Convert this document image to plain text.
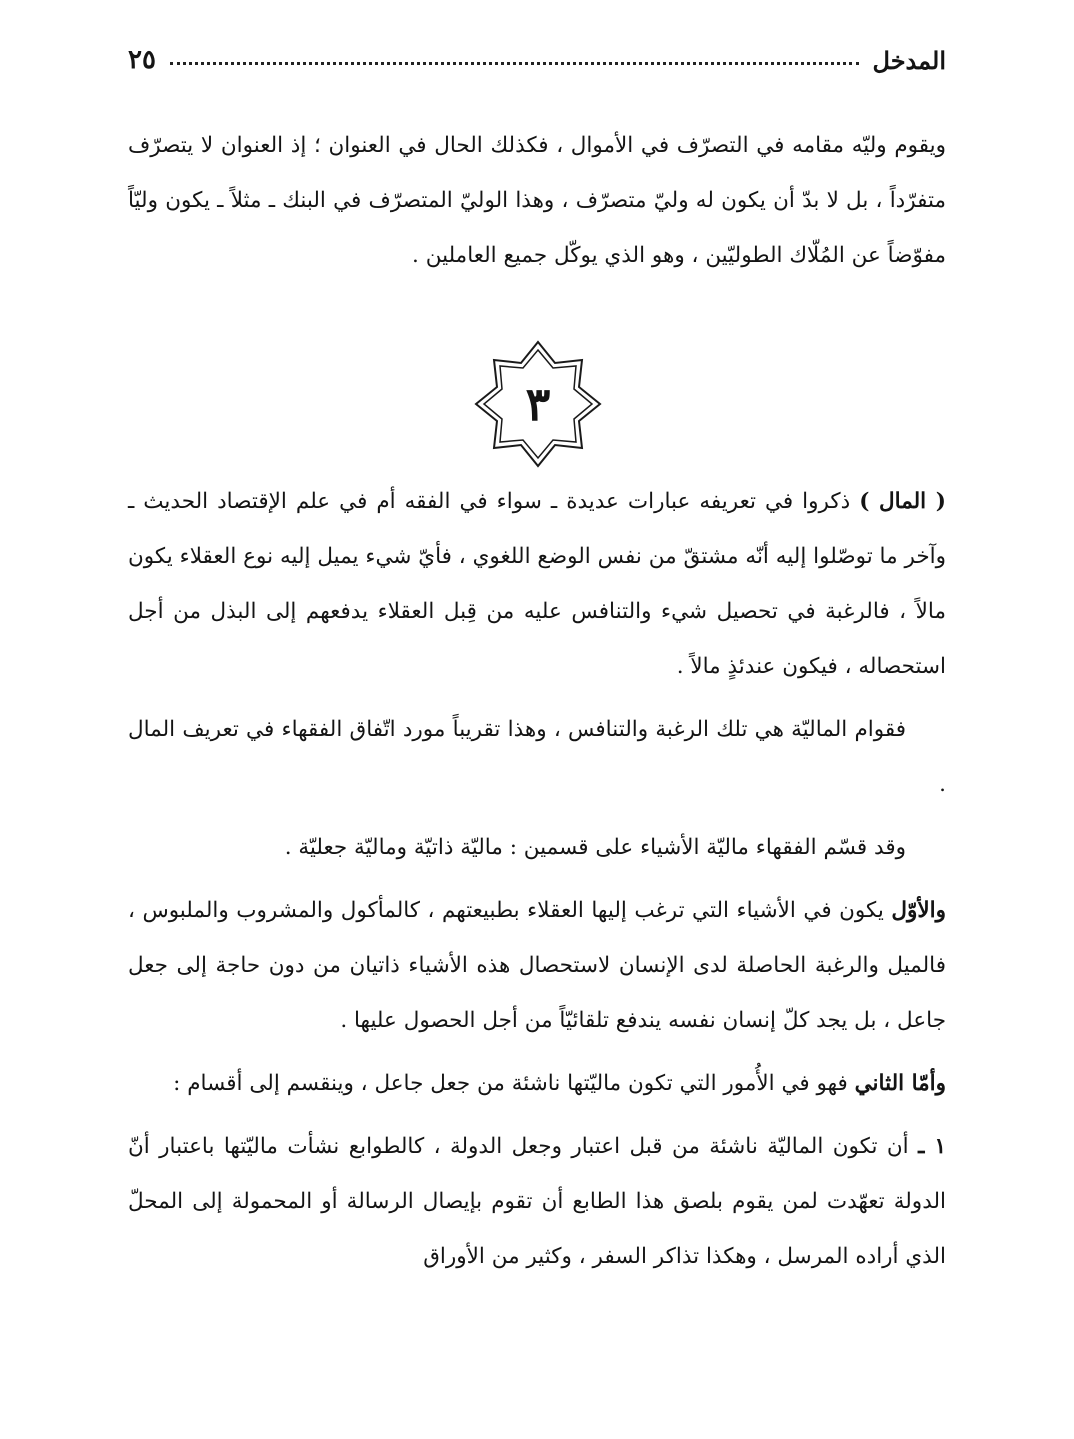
المدخل
٢٥

ويقوم وليّه مقامه في التصرّف في الأموال ، فكذلك الحال في العنوان ؛ إذ العنوان لا يتصرّف متفرّداً ، بل لا بدّ أن يكون له وليّ متصرّف ، وهذا الوليّ المتصرّف في البنك ـ مثلاً ـ يكون وليّاً مفوّضاً عن المُلّاك الطوليّين ، وهو الذي يوكّل جميع العاملين .

٣

( المال ) ذكروا في تعريفه عبارات عديدة ـ سواء في الفقه أم في علم الإقتصاد الحديث ـ وآخر ما توصّلوا إليه أنّه مشتقّ من نفس الوضع اللغوي ، فأيّ شيء يميل إليه نوع العقلاء يكون مالاً ، فالرغبة في تحصيل شيء والتنافس عليه من قِبل العقلاء يدفعهم إلى البذل من أجل استحصاله ، فيكون عندئذٍ مالاً .

فقوام الماليّة هي تلك الرغبة والتنافس ، وهذا تقريباً مورد اتّفاق الفقهاء في تعريف المال .

وقد قسّم الفقهاء ماليّة الأشياء على قسمين : ماليّة ذاتيّة وماليّة جعليّة .

والأوّل يكون في الأشياء التي ترغب إليها العقلاء بطبيعتهم ، كالمأكول والمشروب والملبوس ، فالميل والرغبة الحاصلة لدى الإنسان لاستحصال هذه الأشياء ذاتيان من دون حاجة إلى جعل جاعل ، بل يجد كلّ إنسان نفسه يندفع تلقائيّاً من أجل الحصول عليها .

وأمّا الثاني فهو في الأُمور التي تكون ماليّتها ناشئة من جعل جاعل ، وينقسم إلى أقسام :

١ ـ أن تكون الماليّة ناشئة من قبل اعتبار وجعل الدولة ، كالطوابع نشأت ماليّتها باعتبار أنّ الدولة تعهّدت لمن يقوم بلصق هذا الطابع أن تقوم بإيصال الرسالة أو المحمولة إلى المحلّ الذي أراده المرسل ، وهكذا تذاكر السفر ، وكثير من الأوراق
